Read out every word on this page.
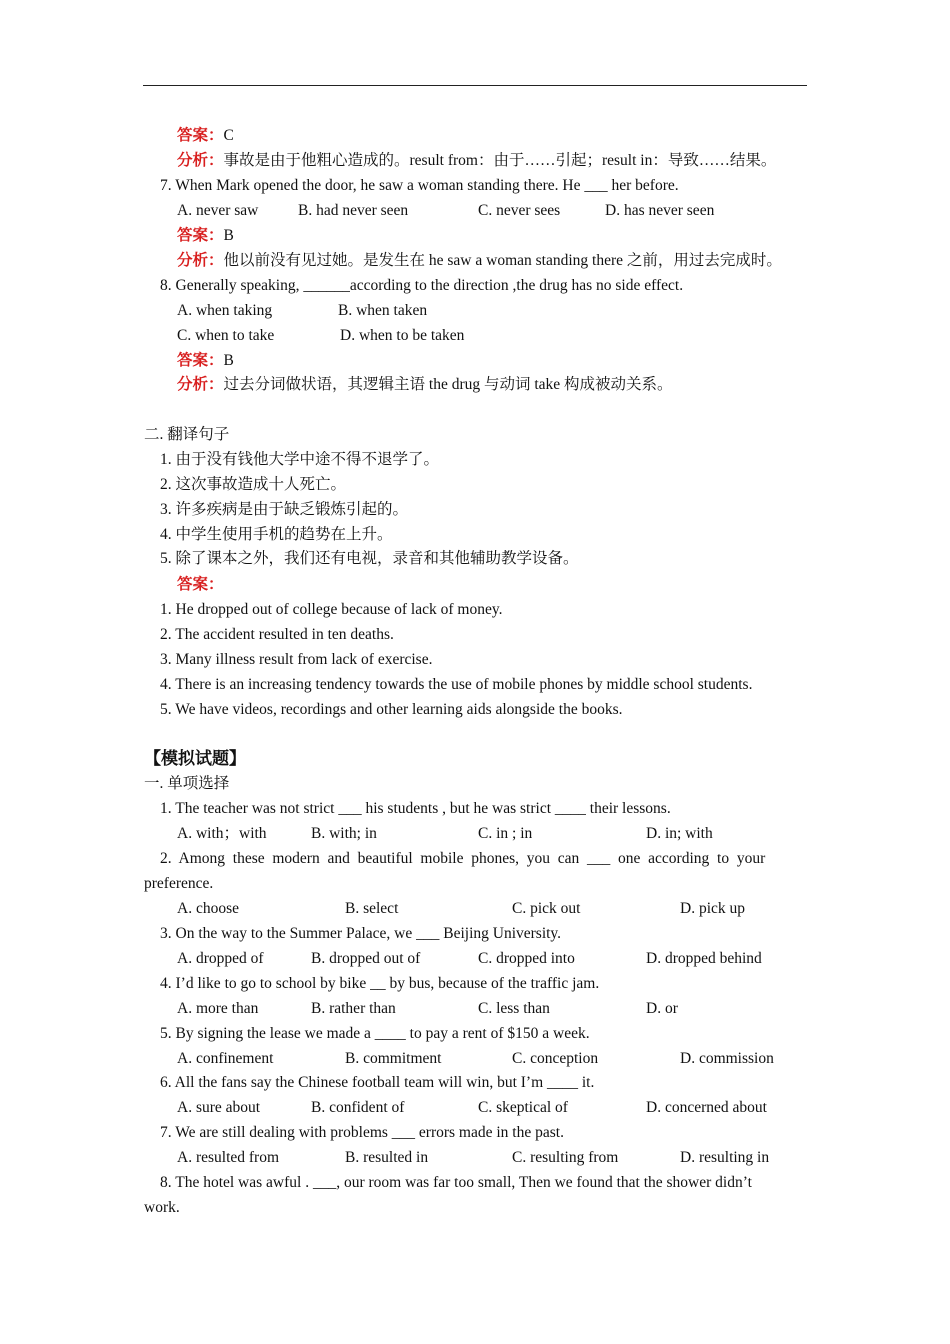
答案：C
分析：事故是由于他粗心造成的。result from：由于……引起；result in：导致……结果。
7. When Mark opened the door, he saw a woman standing there. He ___ her before.
A. never saw	B. had never seen	C. never sees	D. has never seen
答案：B
分析：他以前没有见过她。是发生在 he saw a woman standing there 之前，用过去完成时。
8. Generally speaking, ______according to the direction ,the drug has no side effect.
A. when taking	B. when taken
C. when to take	D. when to be taken
答案：B
分析：过去分词做状语，其逻辑主语 the drug 与动词 take 构成被动关系。
二. 翻译句子
1. 由于没有钱他大学中途不得不退学了。
2. 这次事故造成十人死亡。
3. 许多疾病是由于缺乏锻炼引起的。
4. 中学生使用手机的趋势在上升。
5. 除了课本之外，我们还有电视，录音和其他辅助教学设备。
答案：
1. He dropped out of college because of lack of money.
2. The accident resulted in ten deaths.
3. Many illness result from lack of exercise.
4. There is an increasing tendency towards the use of mobile phones by middle school students.
5. We have videos, recordings and other learning aids alongside the books.
【模拟试题】
一. 单项选择
1. The teacher was not strict ___ his students , but he was strict ____ their lessons.
A. with；with	B. with; in	C. in ; in	D. in; with
2.  Among  these  modern  and  beautiful  mobile  phones,  you  can  ___  one  according  to  your
preference.
A. choose	B. select	C. pick out	D. pick up
3. On the way to the Summer Palace, we ___ Beijing University.
A. dropped of	B. dropped out of	C. dropped into	D. dropped behind
4. I’d like to go to school by bike __ by bus, because of the traffic jam.
A. more than	B. rather than	C. less than	D. or
5. By signing the lease we made a ____ to pay a rent of $150 a week.
A. confinement	B. commitment	C. conception	D. commission
6. All the fans say the Chinese football team will win, but I’m ____ it.
A. sure about	B. confident of	C. skeptical of	D. concerned about
7. We are still dealing with problems ___ errors made in the past.
A. resulted from	B. resulted in	C. resulting from	D. resulting in
8. The hotel was awful . ___, our room was far too small, Then we found that the shower didn’t
work.
